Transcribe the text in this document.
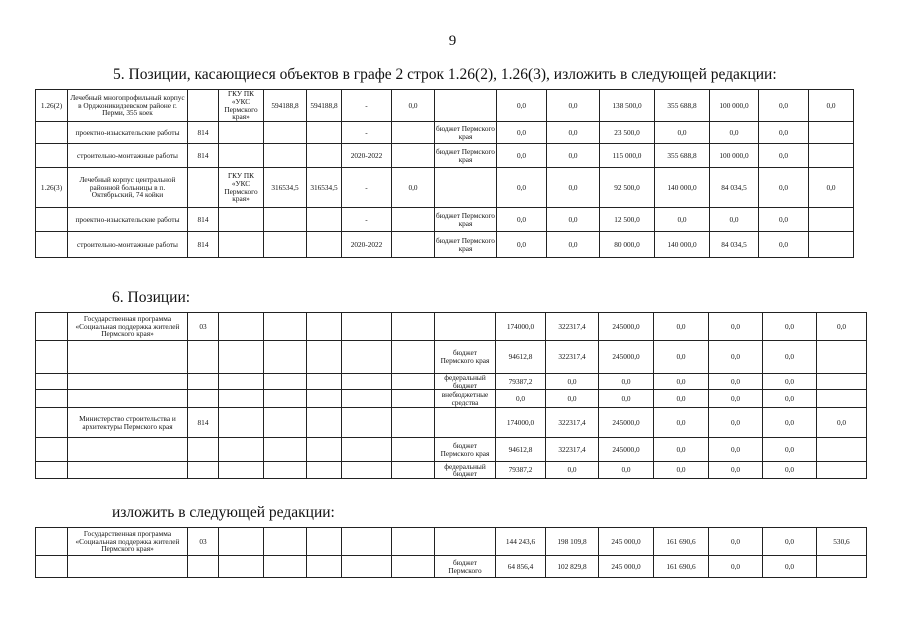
9
5. Позиции, касающиеся объектов в графе 2 строк 1.26(2), 1.26(3), изложить в следующей редакции:
1.26(2)	Лечебный многопрофильный корпус в Орджоникидзевском районе г. Перми, 355 коек		ГКУ ПК «УКС Пермского края»	594188,8	594188,8	-	0,0		0,0	0,0	138 500,0	355 688,8	100 000,0	0,0	0,0
	проектно-изыскательские работы	814				-		бюджет Пермского края	0,0	0,0	23 500,0	0,0	0,0	0,0	
	строительно-монтажные работы	814				2020-2022		бюджет Пермского края	0,0	0,0	115 000,0	355 688,8	100 000,0	0,0	
1.26(3)	Лечебный корпус центральной районной больницы в п. Октябрьский, 74 койки		ГКУ ПК «УКС Пермского края»	316534,5	316534,5	-	0,0		0,0	0,0	92 500,0	140 000,0	84 034,5	0,0	0,0
	проектно-изыскательские работы	814				-		бюджет Пермского края	0,0	0,0	12 500,0	0,0	0,0	0,0	
	строительно-монтажные работы	814				2020-2022		бюджет Пермского края	0,0	0,0	80 000,0	140 000,0	84 034,5	0,0	
6. Позиции:
	Государственная программа «Социальная поддержка жителей Пермского края»	03							174000,0	322317,4	245000,0	0,0	0,0	0,0	0,0
								бюджет Пермского края	94612,8	322317,4	245000,0	0,0	0,0	0,0	
								федеральный бюджет	79387,2	0,0	0,0	0,0	0,0	0,0	
								внебюджетные средства	0,0	0,0	0,0	0,0	0,0	0,0	
	Министерство строительства и архитектуры Пермского края	814							174000,0	322317,4	245000,0	0,0	0,0	0,0	0,0
								бюджет Пермского края	94612,8	322317,4	245000,0	0,0	0,0	0,0	
								федеральный бюджет	79387,2	0,0	0,0	0,0	0,0	0,0	
изложить в следующей редакции:
	Государственная программа «Социальная поддержка жителей Пермского края»	03							144 243,6	198 109,8	245 000,0	161 690,6	0,0	0,0	530,6
								бюджет Пермского	64 856,4	102 829,8	245 000,0	161 690,6	0,0	0,0	
